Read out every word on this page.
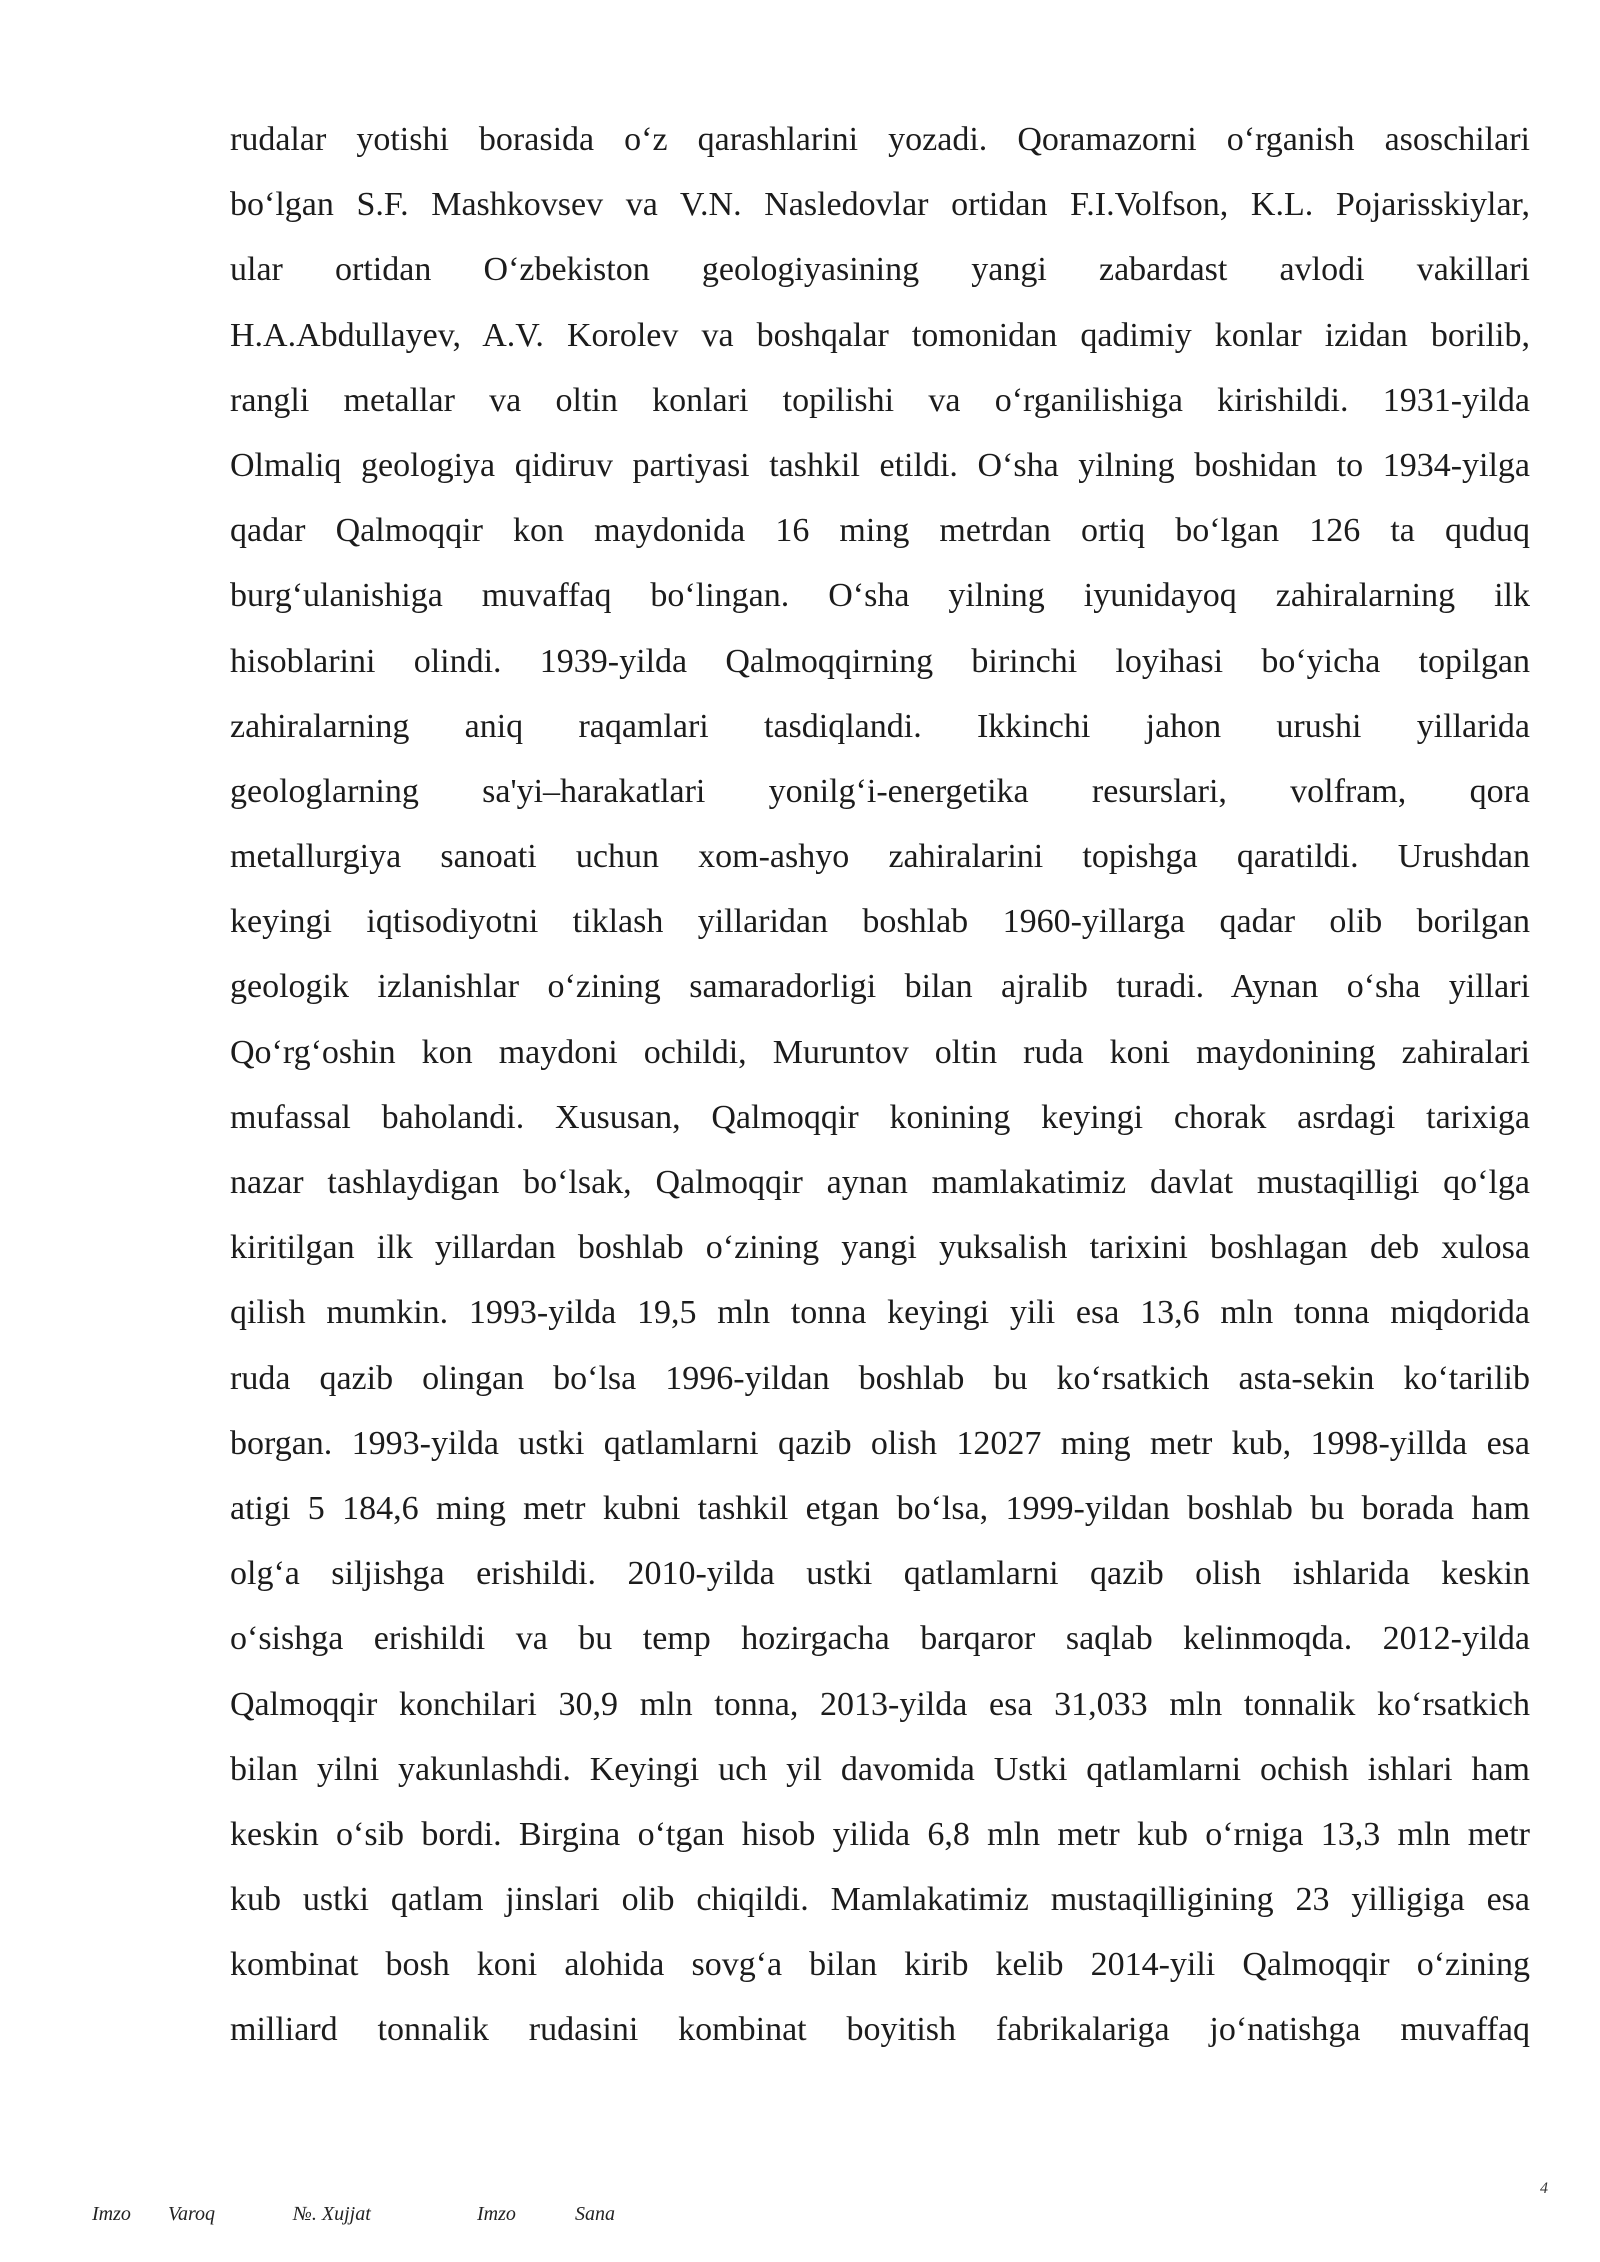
rudalar yotishi borasida o‘z qarashlarini yozadi. Qoramazorni o‘rganish asoschilari
bo‘lgan S.F. Mashkovsev va V.N. Nasledovlar ortidan F.I.Volfson, K.L. Pojarisskiylar,
ular ortidan O‘zbekiston geologiyasining yangi zabardast avlodi vakillari
H.A.Abdullayev, A.V. Korolev va boshqalar tomonidan qadimiy konlar izidan borilib,
rangli metallar va oltin konlari topilishi va o‘rganilishiga kirishildi. 1931-yilda
Olmaliq geologiya qidiruv partiyasi tashkil etildi. O‘sha yilning boshidan to 1934-yilga
qadar Qalmoqqir kon maydonida 16 ming metrdan ortiq bo‘lgan 126 ta quduq
burg‘ulanishiga muvaffaq bo‘lingan. O‘sha yilning iyunidayoq zahiralarning ilk
hisoblarini olindi. 1939-yilda Qalmoqqirning birinchi loyihasi bo‘yicha topilgan
zahiralarning aniq raqamlari tasdiqlandi. Ikkinchi jahon urushi yillarida
geologlarning sa'yi–harakatlari yonilg‘i-energetika resurslari, volfram, qora
metallurgiya sanoati uchun xom-ashyo zahiralarini topishga qaratildi. Urushdan
keyingi iqtisodiyotni tiklash yillaridan boshlab 1960-yillarga qadar olib borilgan
geologik izlanishlar o‘zining samaradorligi bilan ajralib turadi. Aynan o‘sha yillari
Qo‘rg‘oshin kon maydoni ochildi, Muruntov oltin ruda koni maydonining zahiralari
mufassal baholandi. Xususan, Qalmoqqir konining keyingi chorak asrdagi tarixiga
nazar tashlaydigan bo‘lsak, Qalmoqqir aynan mamlakatimiz davlat mustaqilligi qo‘lga
kiritilgan ilk yillardan boshlab o‘zining yangi yuksalish tarixini boshlagan deb xulosa
qilish mumkin. 1993-yilda 19,5 mln tonna keyingi yili esa 13,6 mln tonna miqdorida
ruda qazib olingan bo‘lsa 1996-yildan boshlab bu ko‘rsatkich asta-sekin ko‘tarilib
borgan. 1993-yilda ustki qatlamlarni qazib olish 12027 ming metr kub, 1998-yillda esa
atigi 5 184,6 ming metr kubni tashkil etgan bo‘lsa, 1999-yildan boshlab bu borada ham
olg‘a siljishga erishildi. 2010-yilda ustki qatlamlarni qazib olish ishlarida keskin
o‘sishga erishildi va bu temp hozirgacha barqaror saqlab kelinmoqda. 2012-yilda
Qalmoqqir konchilari 30,9 mln tonna, 2013-yilda esa 31,033 mln tonnalik ko‘rsatkich
bilan yilni yakunlashdi. Keyingi uch yil davomida Ustki qatlamlarni ochish ishlari ham
keskin o‘sib bordi. Birgina o‘tgan hisob yilida 6,8 mln metr kub o‘rniga 13,3 mln metr
kub ustki qatlam jinslari olib chiqildi. Mamlakatimiz mustaqilligining 23 yilligiga esa
kombinat bosh koni alohida sovg‘a bilan kirib kelib 2014-yili Qalmoqqir o‘zining
milliard tonnalik rudasini kombinat boyitish fabrikalariga jo‘natishga muvaffaq
Imzo Varoq	№. Xujjat	Imzo	Sana
4
